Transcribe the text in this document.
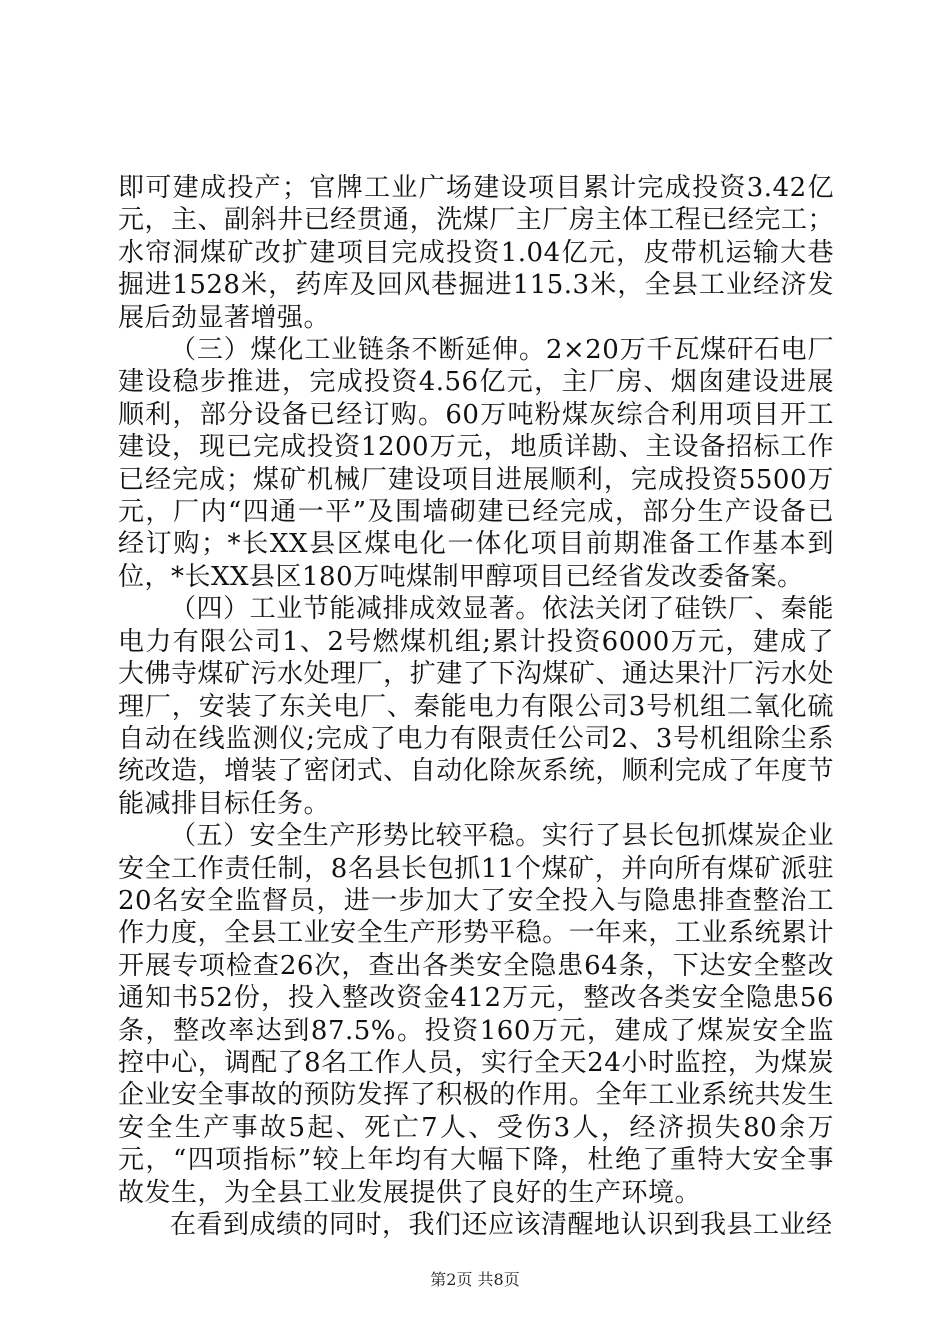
即可建成投产；官牌工业广场建设项目累计完成投资3.42亿元，主、副斜井已经贯通，洗煤厂主厂房主体工程已经完工；水帘洞煤矿改扩建项目完成投资1.04亿元，皮带机运输大巷掘进1528米，药库及回风巷掘进115.3米，全县工业经济发展后劲显著增强。

（三）煤化工业链条不断延伸。2×20万千瓦煤矸石电厂建设稳步推进，完成投资4.56亿元，主厂房、烟囱建设进展顺利，部分设备已经订购。60万吨粉煤灰综合利用项目开工建设，现已完成投资1200万元，地质详勘、主设备招标工作已经完成；煤矿机械厂建设项目进展顺利，完成投资5500万元，厂内“四通一平”及围墙砌建已经完成，部分生产设备已经订购；*长XX县区煤电化一体化项目前期准备工作基本到位，*长XX县区180万吨煤制甲醇项目已经省发改委备案。

（四）工业节能减排成效显著。依法关闭了硅铁厂、秦能电力有限公司1、2号燃煤机组;累计投资6000万元，建成了大佛寺煤矿污水处理厂，扩建了下沟煤矿、通达果汁厂污水处理厂，安装了东关电厂、秦能电力有限公司3号机组二氧化硫自动在线监测仪;完成了电力有限责任公司2、3号机组除尘系统改造，增装了密闭式、自动化除灰系统，顺利完成了年度节能减排目标任务。

（五）安全生产形势比较平稳。实行了县长包抓煤炭企业安全工作责任制，8名县长包抓11个煤矿，并向所有煤矿派驻20名安全监督员，进一步加大了安全投入与隐患排查整治工作力度，全县工业安全生产形势平稳。一年来，工业系统累计开展专项检查26次，查出各类安全隐患64条，下达安全整改通知书52份，投入整改资金412万元，整改各类安全隐患56条，整改率达到87.5%。投资160万元，建成了煤炭安全监控中心，调配了8名工作人员，实行全天24小时监控，为煤炭企业安全事故的预防发挥了积极的作用。全年工业系统共发生安全生产事故5起、死亡7人、受伤3人，经济损失80余万元，“四项指标”较上年均有大幅下降，杜绝了重特大安全事故发生，为全县工业发展提供了良好的生产环境。

在看到成绩的同时，我们还应该清醒地认识到我县工业经

第2页 共8页
